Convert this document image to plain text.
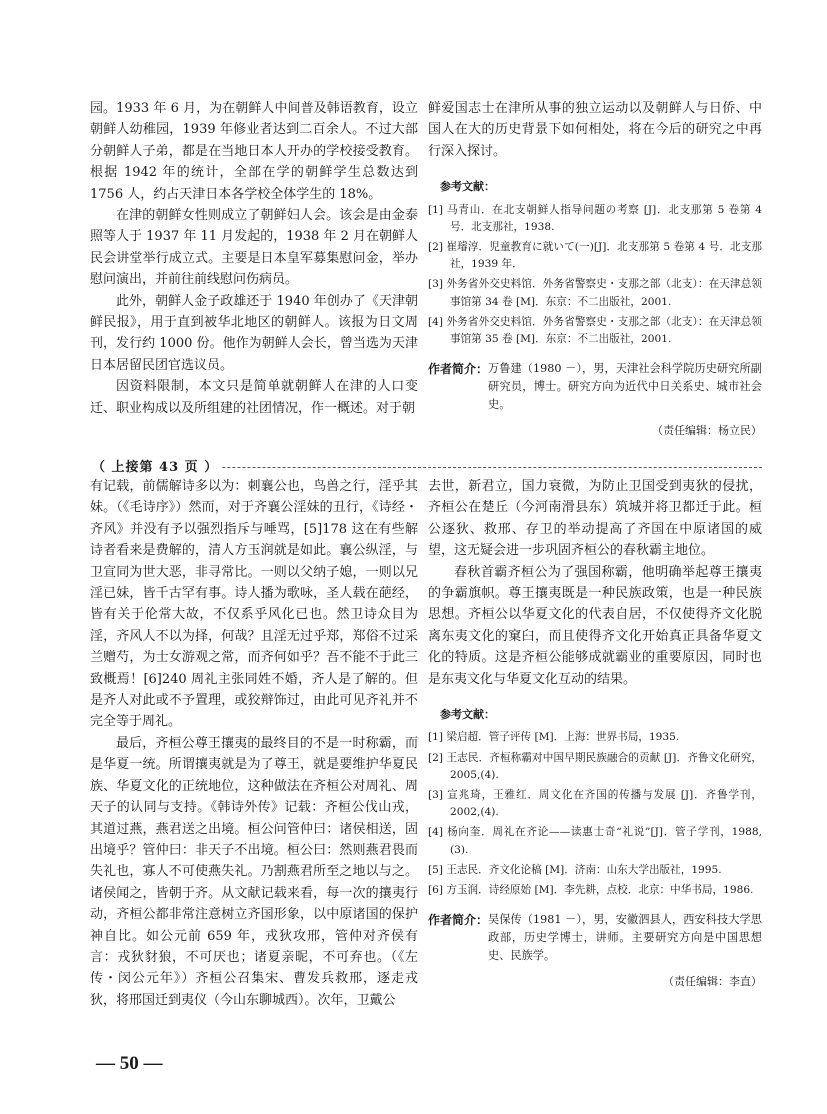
园。1933 年 6 月，为在朝鲜人中间普及韩语教育，设立朝鲜人幼稚园，1939 年修业者达到二百余人。不过大部分朝鲜人子弟，都是在当地日本人开办的学校接受教育。根据 1942 年的统计，全部在学的朝鲜学生总数达到 1756 人，约占天津日本各学校全体学生的 18%。

在津的朝鲜女性则成立了朝鲜妇人会。该会是由金泰照等人于 1937 年 11 月发起的，1938 年 2 月在朝鲜人民会讲堂举行成立式。主要是日本皇军募集慰问金，举办慰问演出，并前往前线慰问伤病员。

此外，朝鲜人金子政雄还于 1940 年创办了《天津朝鲜民报》，用于直到被华北地区的朝鲜人。该报为日文周刊，发行约 1000 份。他作为朝鲜人会长，曾当选为天津日本居留民团官选议员。

因资料限制，本文只是简单就朝鲜人在津的人口变迁、职业构成以及所组建的社团情况，作一概述。对于朝

鲜爱国志士在津所从事的独立运动以及朝鲜人与日侨、中国人在大的历史背景下如何相处，将在今后的研究之中再行深入探讨。

参考文献：
[1] 马青山．在北支朝鲜人指导问题の考察 [J]．北支那第 5 卷第 4 号．北支那社，1938.
[2] 崔璿淳．児童教育に就いて(一)[J]．北支那第 5 卷第 4 号．北支那社，1939 年．
[3] 外务省外交史料馆．外务省警察史・支那之部（北支）：在天津总领事馆第 34 卷 [M]．东京：不二出版社，2001.
[4] 外务省外交史料馆．外务省警察史・支那之部（北支）：在天津总领事馆第 35 卷 [M]．东京：不二出版社，2001.
作者简介： 万鲁建（1980 －），男，天津社会科学院历史研究所副研究员，博士。研究方向为近代中日关系史、城市社会史。
（责任编辑：杨立民）
（ 上接第 43 页 ）

有记载，前儒解诗多以为：刺襄公也，鸟兽之行，淫乎其妹。（《毛诗序》）然而，对于齐襄公淫妹的丑行，《诗经・齐风》并没有予以强烈指斥与唾骂，[5]178 这在有些解诗者看来是费解的，清人方玉润就是如此。襄公纵淫，与卫宣同为世大恶，非寻常比。一则以父纳子媳，一则以兄淫已妹，皆千古罕有事。诗人播为歌咏，圣人载在葩经，皆有关于伦常大故，不仅系乎风化已也。然卫诗众目为淫，齐风人不以为择，何哉？且淫无过乎郑，郑俗不过采兰赠芍，为士女游观之常，而齐何如乎？吾不能不于此三致概焉！[6]240 周礼主张同姓不婚，齐人是了解的。但是齐人对此或不予置理，或狡辩饰过，由此可见齐礼并不完全等于周礼。

最后，齐桓公尊王攘夷的最终目的不是一时称霸，而是华夏一统。所谓攘夷就是为了尊王，就是要维护华夏民族、华夏文化的正统地位，这种做法在齐桓公对周礼、周天子的认同与支持。《韩诗外传》记载：齐桓公伐山戎，其道过燕，燕君送之出境。桓公问管仲曰：诸侯相送，固出境乎？管仲曰：非天子不出境。桓公曰：然则燕君畏而失礼也，寡人不可使燕失礼。乃割燕君所至之地以与之。诸侯闻之，皆朝于齐。从文献记载来看，每一次的攘夷行动，齐桓公都非常注意树立齐国形象，以中原诸国的保护神自比。如公元前 659 年，戎狄攻邢，管仲对齐侯有言：戎狄豺狼，不可厌也；诸夏亲昵，不可弃也。（《左传・闵公元年》）齐桓公召集宋、曹发兵救邢，逐走戎狄，将邢国迁到夷仪（今山东聊城西）。次年，卫戴公

去世，新君立，国力衰微，为防止卫国受到夷狄的侵扰，齐桓公在楚丘（今河南滑县东）筑城并将卫都迁于此。桓公逐狄、救邢、存卫的举动提高了齐国在中原诸国的威望，这无疑会进一步巩固齐桓公的春秋霸主地位。

春秋首霸齐桓公为了强国称霸，他明确举起尊王攘夷的争霸旗帜。尊王攘夷既是一种民族政策，也是一种民族思想。齐桓公以华夏文化的代表自居，不仅使得齐文化脱离东夷文化的窠臼，而且使得齐文化开始真正具备华夏文化的特质。这是齐桓公能够成就霸业的重要原因，同时也是东夷文化与华夏文化互动的结果。

参考文献：
[1] 梁启超．管子评传 [M]．上海：世界书局，1935.
[2] 王志民．齐桓称霸对中国早期民族融合的贡献 [J]．齐鲁文化研究，2005,(4).
[3] 宣兆琦，王雅红．周文化在齐国的传播与发展 [J]．齐鲁学刊，2002,(4).
[4] 杨向奎．周礼在齐论——读惠士奇“礼说”[J]．管子学刊，1988,(3).
[5] 王志民．齐文化论稿 [M]．济南：山东大学出版社，1995.
[6] 方玉润．诗经原始 [M]．李先耕，点校．北京：中华书局，1986.
作者简介： 吴保传（1981 －），男，安徽泗县人，西安科技大学思政部，历史学博士，讲师。主要研究方向是中国思想史、民族学。
（责任编辑：李直）
— 50 —
